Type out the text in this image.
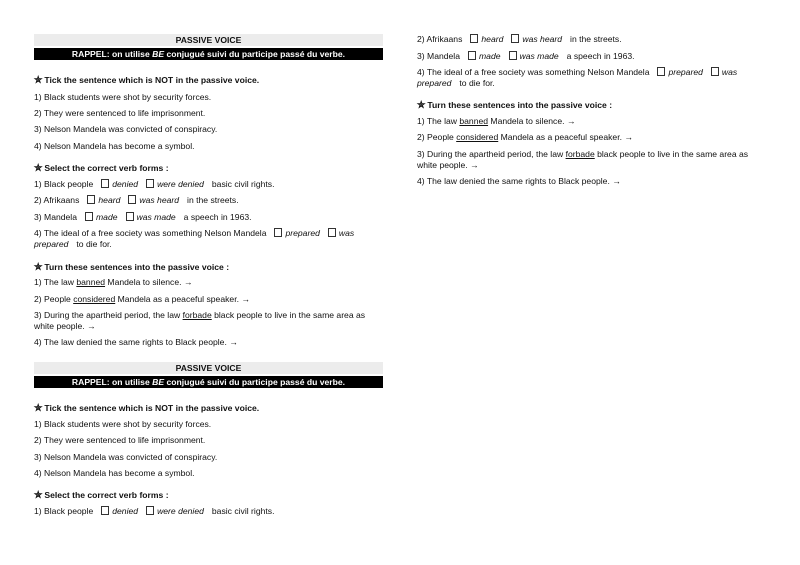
PASSIVE VOICE
RAPPEL: on utilise BE conjugué suivi du participe passé du verbe.
✮ Tick the sentence which is NOT in the passive voice.
1) Black students were shot by security forces.
2) They were sentenced to life imprisonment.
3) Nelson Mandela was convicted of conspiracy.
4) Nelson Mandela has become a symbol.
✮ Select the correct verb forms :
1) Black people denied were denied basic civil rights.
2) Afrikaans heard was heard in the streets.
3) Mandela made was made a speech in 1963.
4) The ideal of a free society was something Nelson Mandela prepared was prepared to die for.
✮ Turn these sentences into the passive voice :
1) The law banned Mandela to silence. →
2) People considered Mandela as a peaceful speaker. →
3) During the apartheid period, the law forbade black people to live in the same area as white people. →
4) The law denied the same rights to Black people. →
PASSIVE VOICE
RAPPEL: on utilise BE conjugué suivi du participe passé du verbe.
✮ Tick the sentence which is NOT in the passive voice.
1) Black students were shot by security forces.
2) They were sentenced to life imprisonment.
3) Nelson Mandela was convicted of conspiracy.
4) Nelson Mandela has become a symbol.
✮ Select the correct verb forms :
1) Black people denied were denied basic civil rights.
2) Afrikaans heard was heard in the streets.
3) Mandela made was made a speech in 1963.
4) The ideal of a free society was something Nelson Mandela prepared was prepared to die for.
✮ Turn these sentences into the passive voice :
1) The law banned Mandela to silence. →
2) People considered Mandela as a peaceful speaker. →
3) During the apartheid period, the law forbade black people to live in the same area as white people. →
4) The law denied the same rights to Black people. →
